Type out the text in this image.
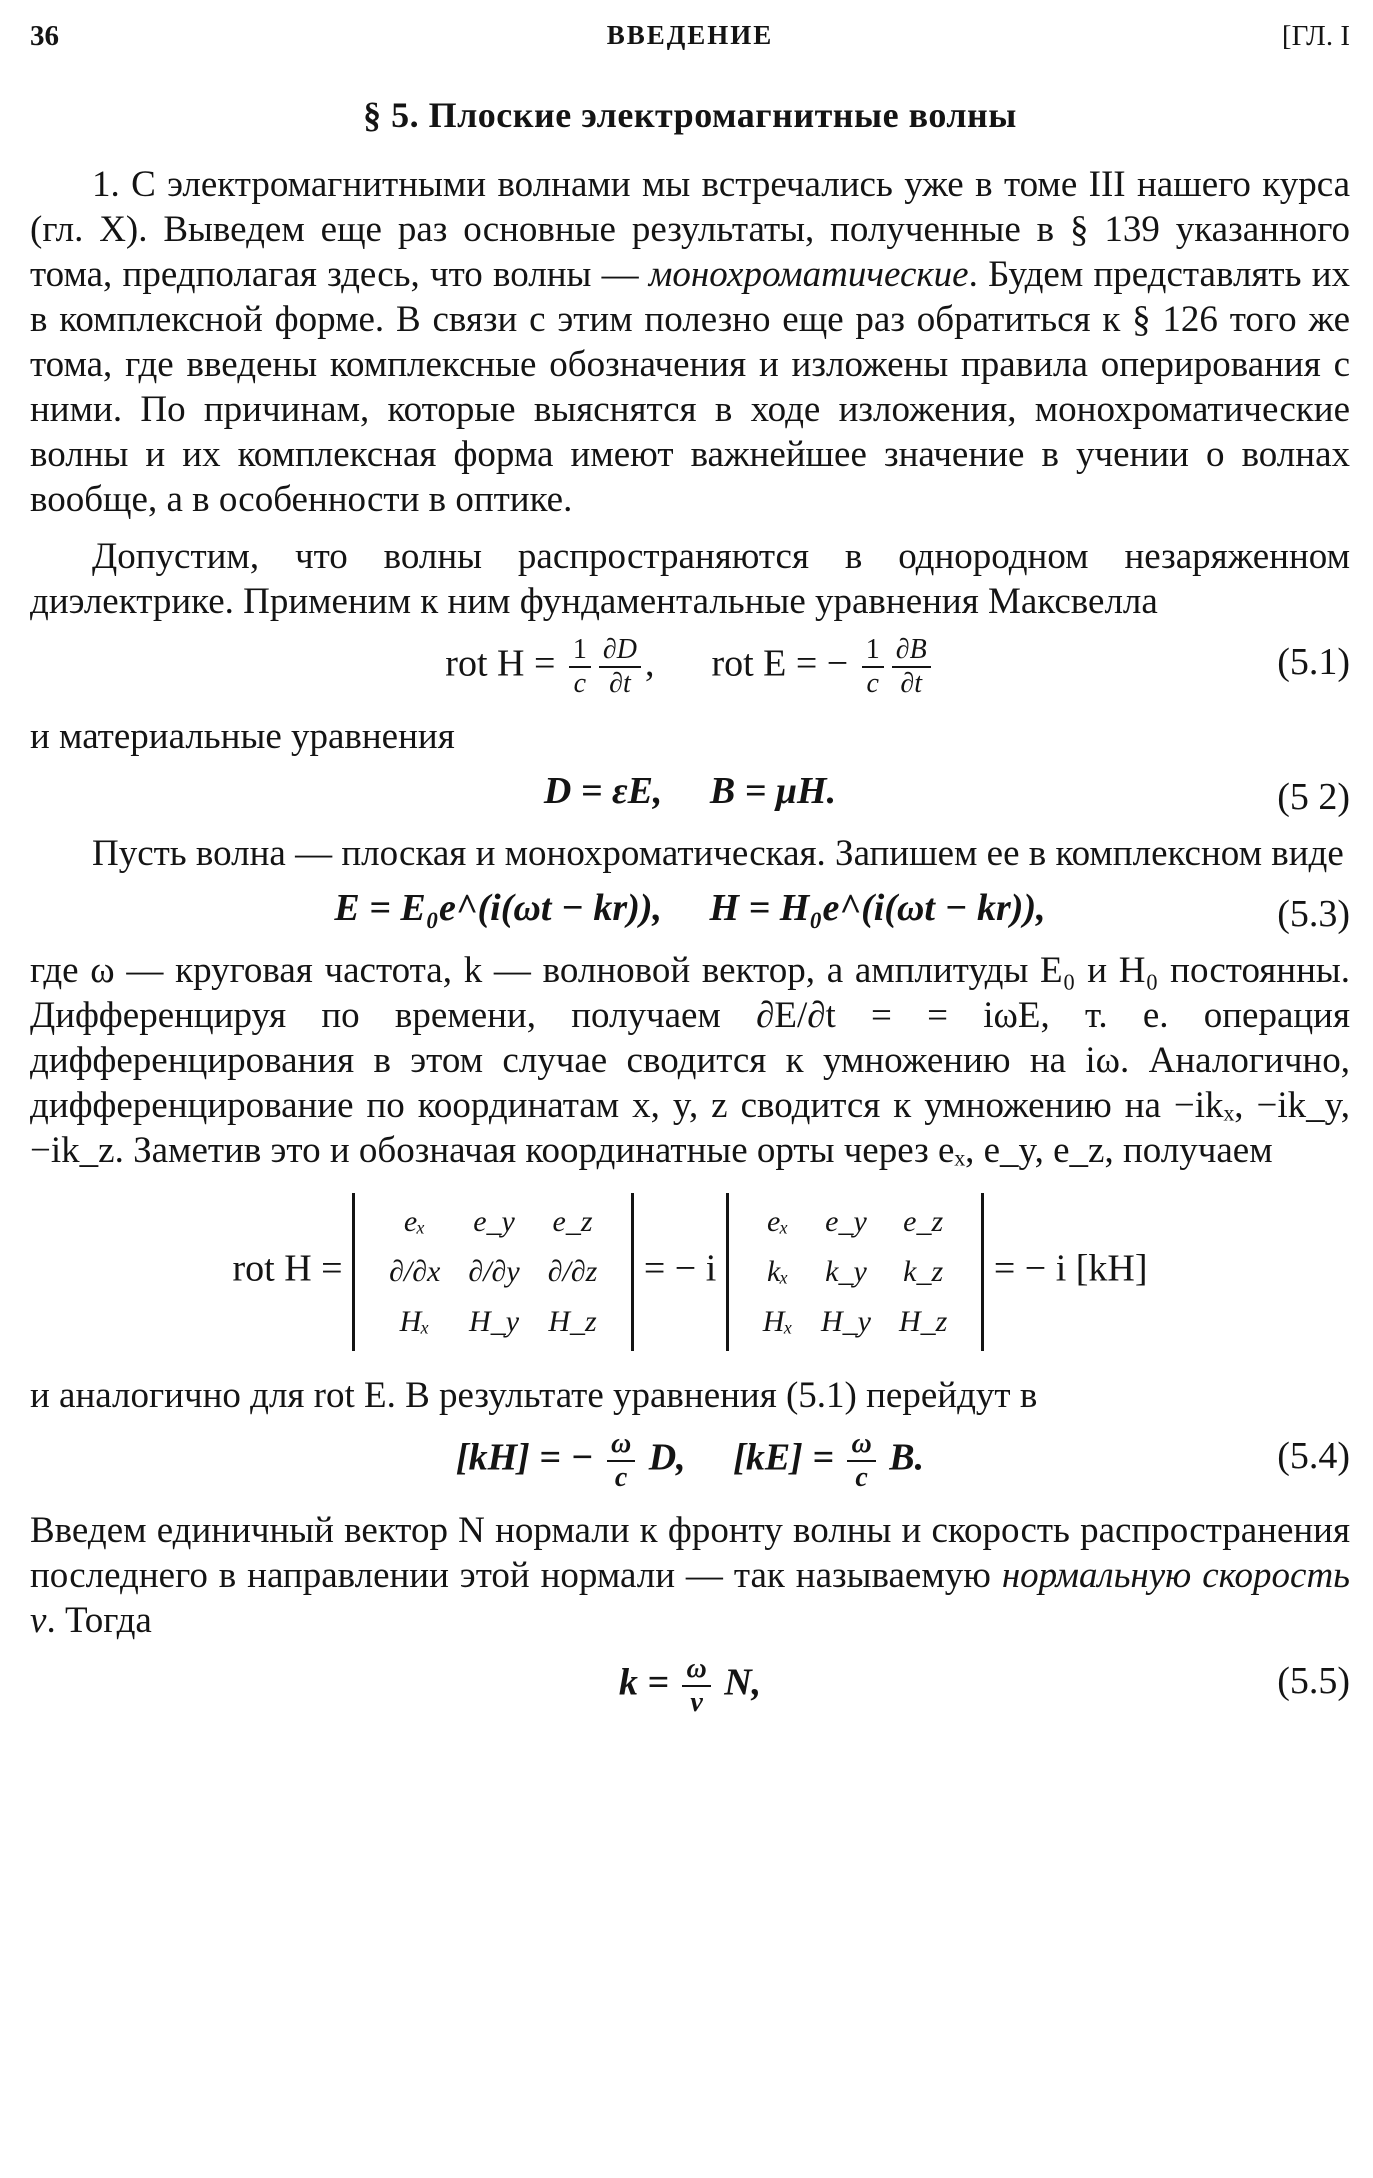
36	ВВЕДЕНИЕ	[ГЛ. I
§ 5. Плоские электромагнитные волны

1. С электромагнитными волнами мы встречались уже в томе III нашего курса (гл. X). Выведем еще раз основные результаты, полученные в § 139 указанного тома, предполагая здесь, что волны — монохроматические. Будем представлять их в комплексной форме. В связи с этим полезно еще раз обратиться к § 126 того же тома, где введены комплексные обозначения и изложены правила оперирования с ними. По причинам, которые выяснятся в ходе изложения, монохроматические волны и их комплексная форма имеют важнейшее значение в учении о волнах вообще, а в особенности в оптике.

Допустим, что волны распространяются в однородном незаряженном диэлектрике. Применим к ним фундаментальные уравнения Максвелла

rot $H = \frac{1}{c} \frac{\partial D}{\partial t}$ ,      rot E = − $\frac{1}{c} \frac{\partial B}{\partial t}$	(5.1)

и материальные уравнения

D = εE,     B = μH.	(5 2)

Пусть волна — плоская и монохроматическая. Запишем ее в комплексном виде

E = E₀e^(i(ωt − kr)),     H = H₀e^(i(ωt − kr)),	(5.3)

где ω — круговая частота, k — волновой вектор, а амплитуды E₀ и H₀ постоянны. Дифференцируя по времени, получаем ∂E/∂t = = iωE, т. е. операция дифференцирования в этом случае сводится к умножению на iω. Аналогично, дифференцирование по координатам x, y, z сводится к умножению на −ikₓ, −ik_y, −ik_z. Заметив это и обозначая координатные орты через eₓ, e_y, e_z, получаем

rot H =
eₓ	e_y	e_z
∂/∂x	∂/∂y	∂/∂z
Hₓ	H_y	H_z
= − i
eₓ	e_y	e_z
kₓ	k_y	k_z
Hₓ	H_y	H_z
= − i [kH]

и аналогично для rot E. В результате уравнения (5.1) перейдут в

[kH] = − $\frac{\omega}{c} D$,     $[kE] = \frac{\omega}{c} B$.	(5.4)

Введем единичный вектор N нормали к фронту волны и скорость распространения последнего в направлении этой нормали — так называемую нормальную скорость v. Тогда

$k = \frac{\omega}{v} N$,	(5.5)
